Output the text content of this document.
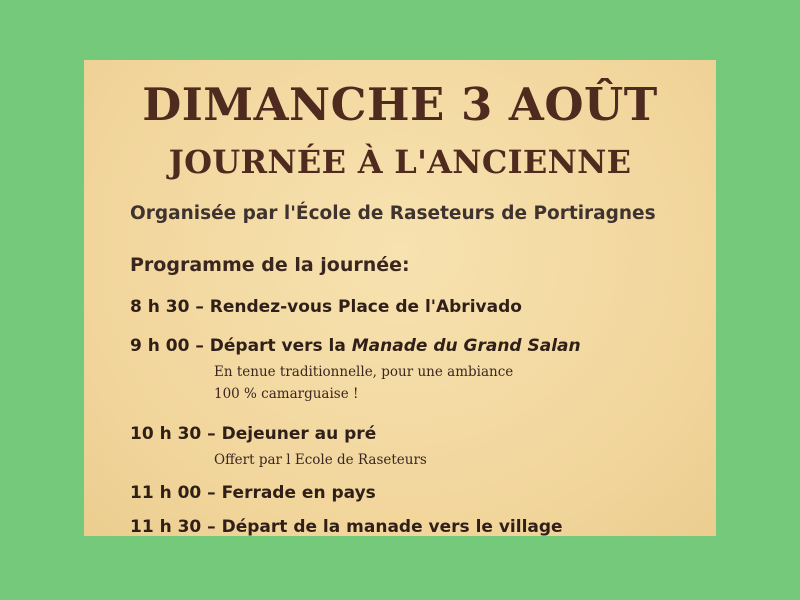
DIMANCHE 3 AOÛT
JOURNÉE À L'ANCIENNE
Organisée par l'École de Raseteurs de Portiragnes
Programme de la journée:
8 h 30 – Rendez-vous Place de l'Abrivado
9 h 00 – Départ vers la Manade du Grand Salan
En tenue traditionnelle, pour une ambiance
100 % camarguaise !
10 h 30 – Dejeuner au pré
Offert par l Ecole de Raseteurs
11 h 00 – Ferrade en pays
11 h 30 – Départ de la manade vers le village
